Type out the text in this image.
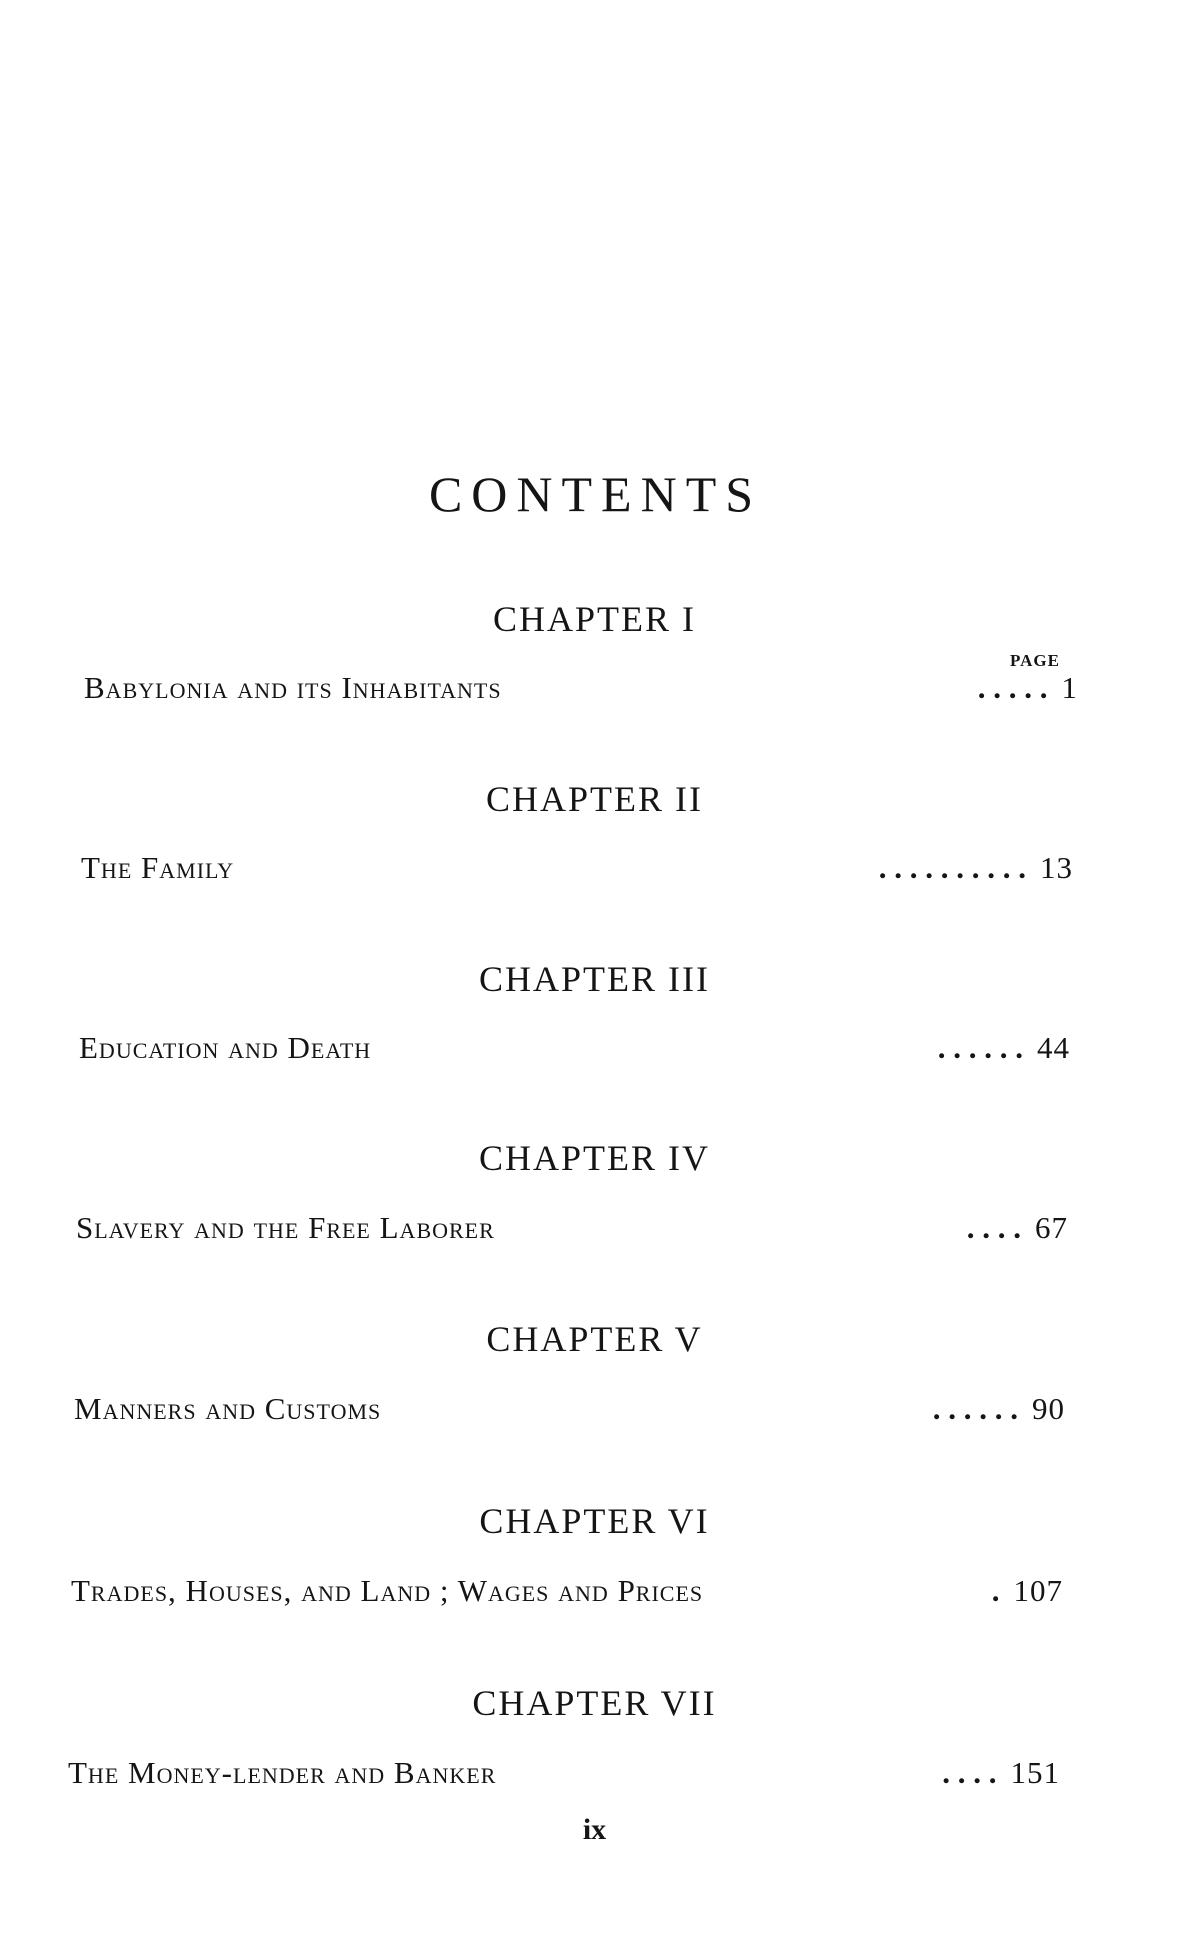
CONTENTS
CHAPTER I
PAGE
Babylonia and its Inhabitants	. . . . . 1
CHAPTER II
The Family	. . . . . . . . . . 13
CHAPTER III
Education and Death	. . . . . . 44
CHAPTER IV
Slavery and the Free Laborer	. . . . 67
CHAPTER V
Manners and Customs	. . . . . . 90
CHAPTER VI
Trades, Houses, and Land ; Wages and Prices	. 107
CHAPTER VII
The Money-lender and Banker	. . . . 151
ix
